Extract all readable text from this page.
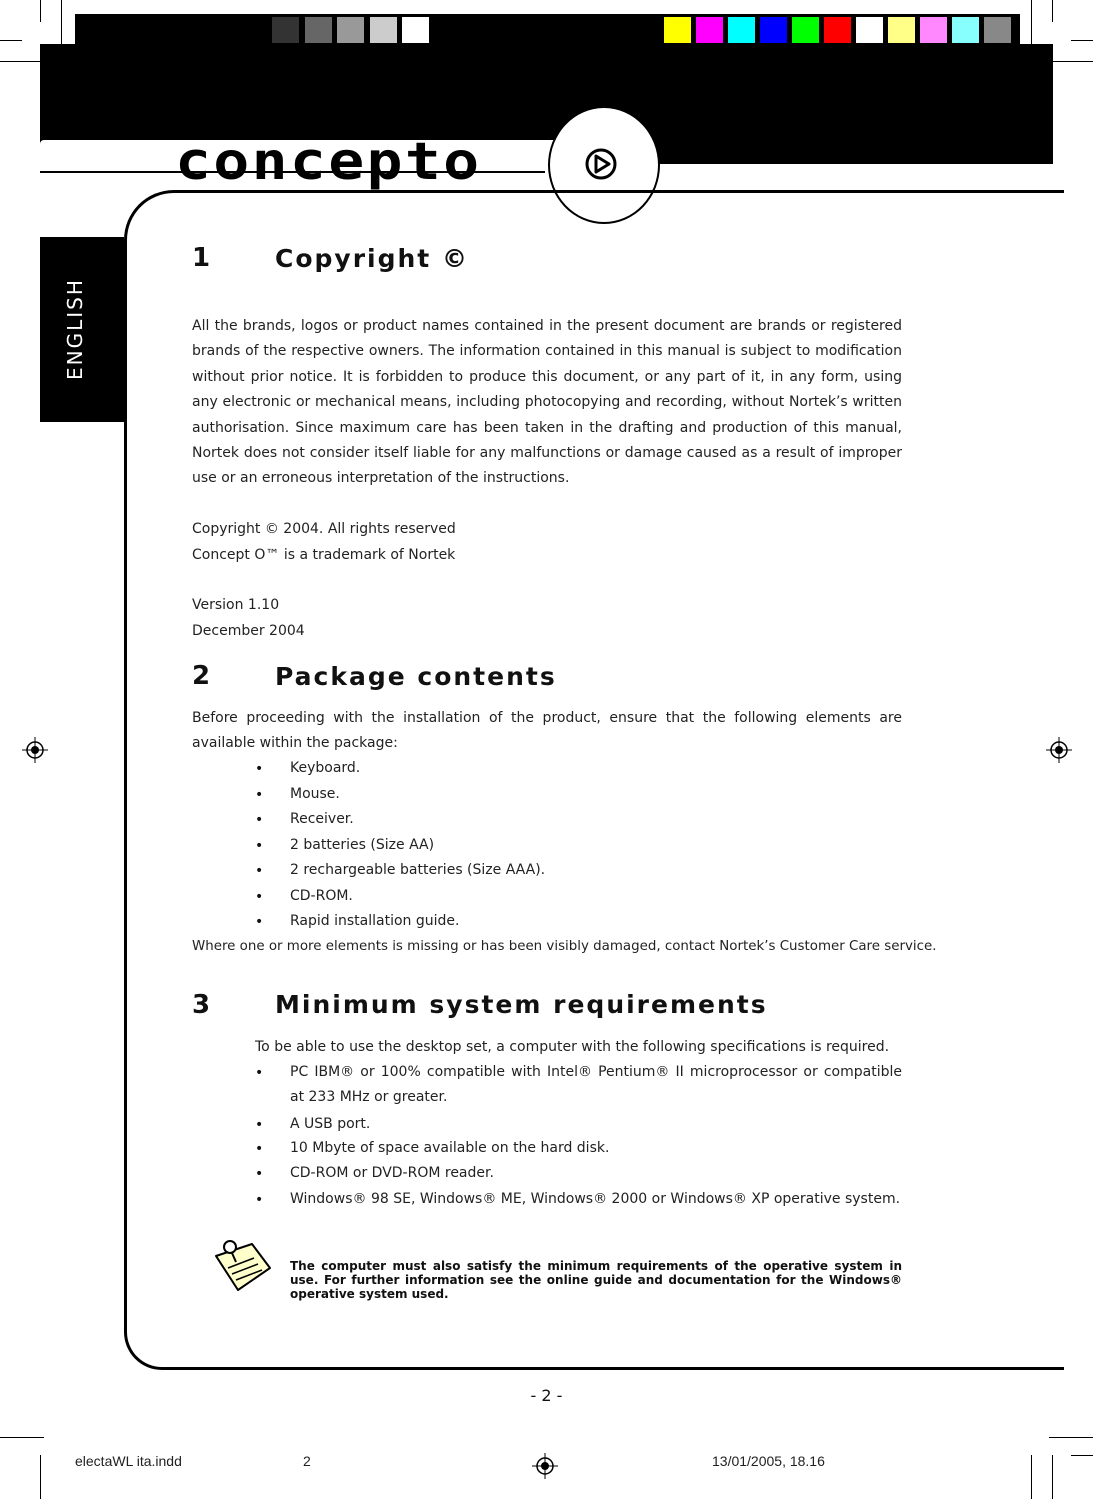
concepto
ENGLISH
1	Copyright ©
All the brands, logos or product names contained in the present document are brands or registered brands of the respective owners. The information contained in this manual is subject to modification without prior notice. It is forbidden to produce this document, or any part of it, in any form, using any electronic or mechanical means, including photocopying and recording, without Nortek’s written authorisation. Since maximum care has been taken in the drafting and production of this manual, Nortek does not consider itself liable for any malfunctions or damage caused as a result of improper use or an erroneous interpretation of the instructions.
Copyright © 2004. All rights reserved
Concept O™ is a trademark of Nortek
Version 1.10
December 2004
2	Package contents
Before proceeding with the installation of the product, ensure that the following elements are available within the package:
•
Keyboard.
•
Mouse.
•
Receiver.
•
2 batteries (Size AA)
•
2 rechargeable batteries (Size AAA).
•
CD-ROM.
•
Rapid installation guide.
Where one or more elements is missing or has been visibly damaged, contact Nortek’s Customer Care service.
3	Minimum system requirements
To be able to use the desktop set, a computer with the following specifications is required.
•
PC IBM® or 100% compatible with Intel® Pentium® II microprocessor or compatible at 233 MHz or greater.
•
A USB port.
•
10 Mbyte of space available on the hard disk.
•
CD-ROM or DVD-ROM reader.
•
Windows® 98 SE, Windows® ME, Windows® 2000 or Windows® XP operative system.
The computer must also satisfy the minimum requirements of the operative system in use. For further information see the online guide and documentation for the Windows® operative system used.
- 2 -
electaWL ita.indd	2	13/01/2005, 18.16
